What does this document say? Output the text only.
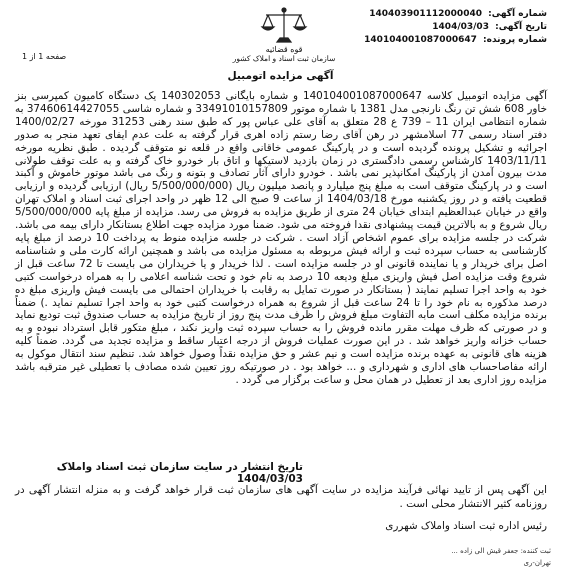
شماره آگهی: 140403901112000040
تاریخ آگهی: 1404/03/03
شماره پرونده: 140104001087000647
قوه قضائیه
سازمان ثبت اسناد و املاک کشور
صفحه 1 از 1
آگهی مزایده اتومبیل
آگهی مزایده اتومبیل کلاسه 140104001087000647 و شماره بایگانی 140302053 یک دستگاه کامیون کمپرسی بنز خاور 608 شش تن رنگ نارنجی مدل 1381 با شماره موتور 33491010157809 و شماره شاسی 37460614427055 به شماره انتظامی ایران 11 – 739 ع 28 متعلق به آقای علی عباس پور که طبق سند رهنی 31253 مورخه 1400/02/27 دفتر اسناد رسمی 77 اسلامشهر در رهن آقای رضا رستم زاده اهری قرار گرفته به علت عدم ایفای تعهد منجر به صدور اجرائیه و تشکیل پرونده گردیده است و در پارکینگ عمومی خاقانی واقع در قلعه نو متوقف گردیده . طبق نظریه مورخه 1403/11/11 کارشناس رسمی دادگستری در زمان بازدید لاستیکها و اتاق بار خودرو خاک گرفته و به علت توقف طولانی مدت بیرون آمدن از پارکینگ امکانپذیر نمی باشد . خودرو دارای آثار تصادف و بتونه و رنگ می باشد موتور خاموش و آکبند است و در پارکینگ متوقف است به مبلغ پنج میلیارد و پانصد میلیون ریال (5/500/000/000 ریال) ارزیابی گردیده و ارزیابی قطعیت یافته و در روز یکشنبه مورخ 1404/03/18 از ساعت 9 صبح الی 12 ظهر در واحد اجرای ثبت اسناد و املاک تهران واقع در خیابان عبدالعظیم ابتدای خیابان 24 متری از طریق مزایده به فروش می رسد. مزایده از مبلغ پایه 5/500/000/000 ریال شروع و به بالاترین قیمت پیشنهادی نقدا فروخته می شود. ضمنا مورد مزایده جهت اطلاع بستانکار دارای بیمه می باشد. شرکت در جلسه مزایده برای عموم اشخاص آزاد است . شرکت در جلسه مزایده منوط به پرداخت 10 درصد از مبلغ پایه کارشناسی به حساب سپرده ثبت و ارائه فیش مربوطه به مسئول مزایده می باشد و همچنین ارائه کارت ملی و شناسنامه اصل برای خریدار و یا نماینده قانونی او در جلسه مزایده است . لذا خریدار و یا خریداران می بایست تا 72 ساعت قبل از شروع وقت مزایده اصل فیش واریزی مبلغ ودیعه 10 درصد به نام خود و تحت شناسه اعلامی را به همراه درخواست کتبی خود به واحد اجرا تسلیم نمایند ( بستانکار در صورت تمایل به رقابت با خریداران احتمالی می بایست فیش واریزی مبلغ ده درصد مذکوره به نام خود را تا 24 ساعت قبل از شروع به همراه درخواست کتبی خود به واحد اجرا تسلیم نماید .) ضمناً برنده مزایده مکلف است مابه التفاوت مبلغ فروش را ظرف مدت پنج روز از تاریخ مزایده به حساب صندوق ثبت تودیع نماید و در صورتی که ظرف مهلت مقرر مانده فروش را به حساب سپرده ثبت واریز نکند ، مبلغ متکور قابل استرداد نبوده و به حساب خزانه واریز خواهد شد . در این صورت عملیات فروش از درجه اعتبار ساقط و مزایده تجدید می گردد. ضمناً کلیه هزینه های قانونی به عهده برنده مزایده است و نیم عشر و حق مزایده نقداً وصول خواهد شد. تنظیم سند انتقال موکول به ارائه مفاصاحساب های اداری و شهرداری و ... خواهد بود . در صورتیکه روز تعیین شده مصادف با تعطیلی غیر مترقبه باشد مزایده روز اداری بعد از تعطیل در همان محل و ساعت برگزار می گردد .
تاریخ انتشار در سایت سازمان ثبت اسناد واملاک 1404/03/03
این آگهی پس از تایید نهائی فرآیند مزایده در سایت آگهی های سازمان ثبت قرار خواهد گرفت و به منزله انتشار آگهی در روزنامه کثیر الانتشار محلی است .
رئیس اداره ثبت اسناد واملاک شهرری
ثبت کننده: جعفر قیش الی زاده ...
تهران-ری
